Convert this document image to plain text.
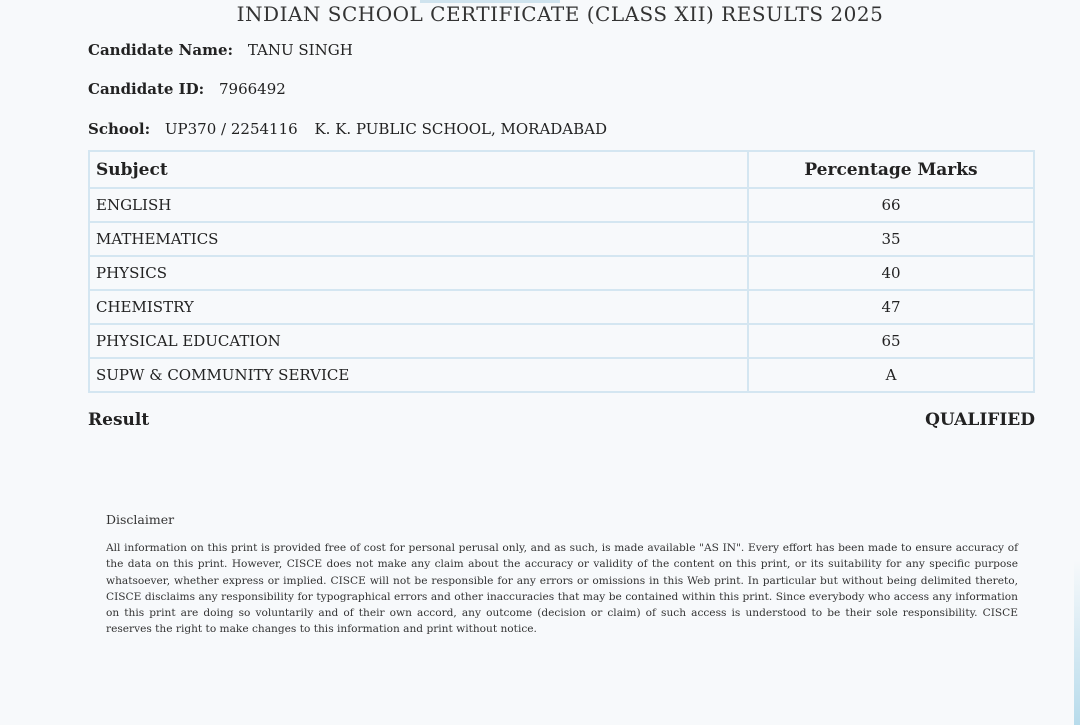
INDIAN SCHOOL CERTIFICATE (CLASS XII) RESULTS 2025
Candidate Name: TANU SINGH
Candidate ID: 7966492
School: UP370 / 2254116 K. K. PUBLIC SCHOOL, MORADABAD
Subject	Percentage Marks
ENGLISH	66
MATHEMATICS	35
PHYSICS	40
CHEMISTRY	47
PHYSICAL EDUCATION	65
SUPW & COMMUNITY SERVICE	A
Result	QUALIFIED
Disclaimer
All information on this print is provided free of cost for personal perusal only, and as such, is made available "AS IN". Every effort has been made to ensure accuracy of the data on this print. However, CISCE does not make any claim about the accuracy or validity of the content on this print, or its suitability for any specific purpose whatsoever, whether express or implied. CISCE will not be responsible for any errors or omissions in this Web print. In particular but without being delimited thereto, CISCE disclaims any responsibility for typographical errors and other inaccuracies that may be contained within this print. Since everybody who access any information on this print are doing so voluntarily and of their own accord, any outcome (decision or claim) of such access is understood to be their sole responsibility. CISCE reserves the right to make changes to this information and print without notice.
